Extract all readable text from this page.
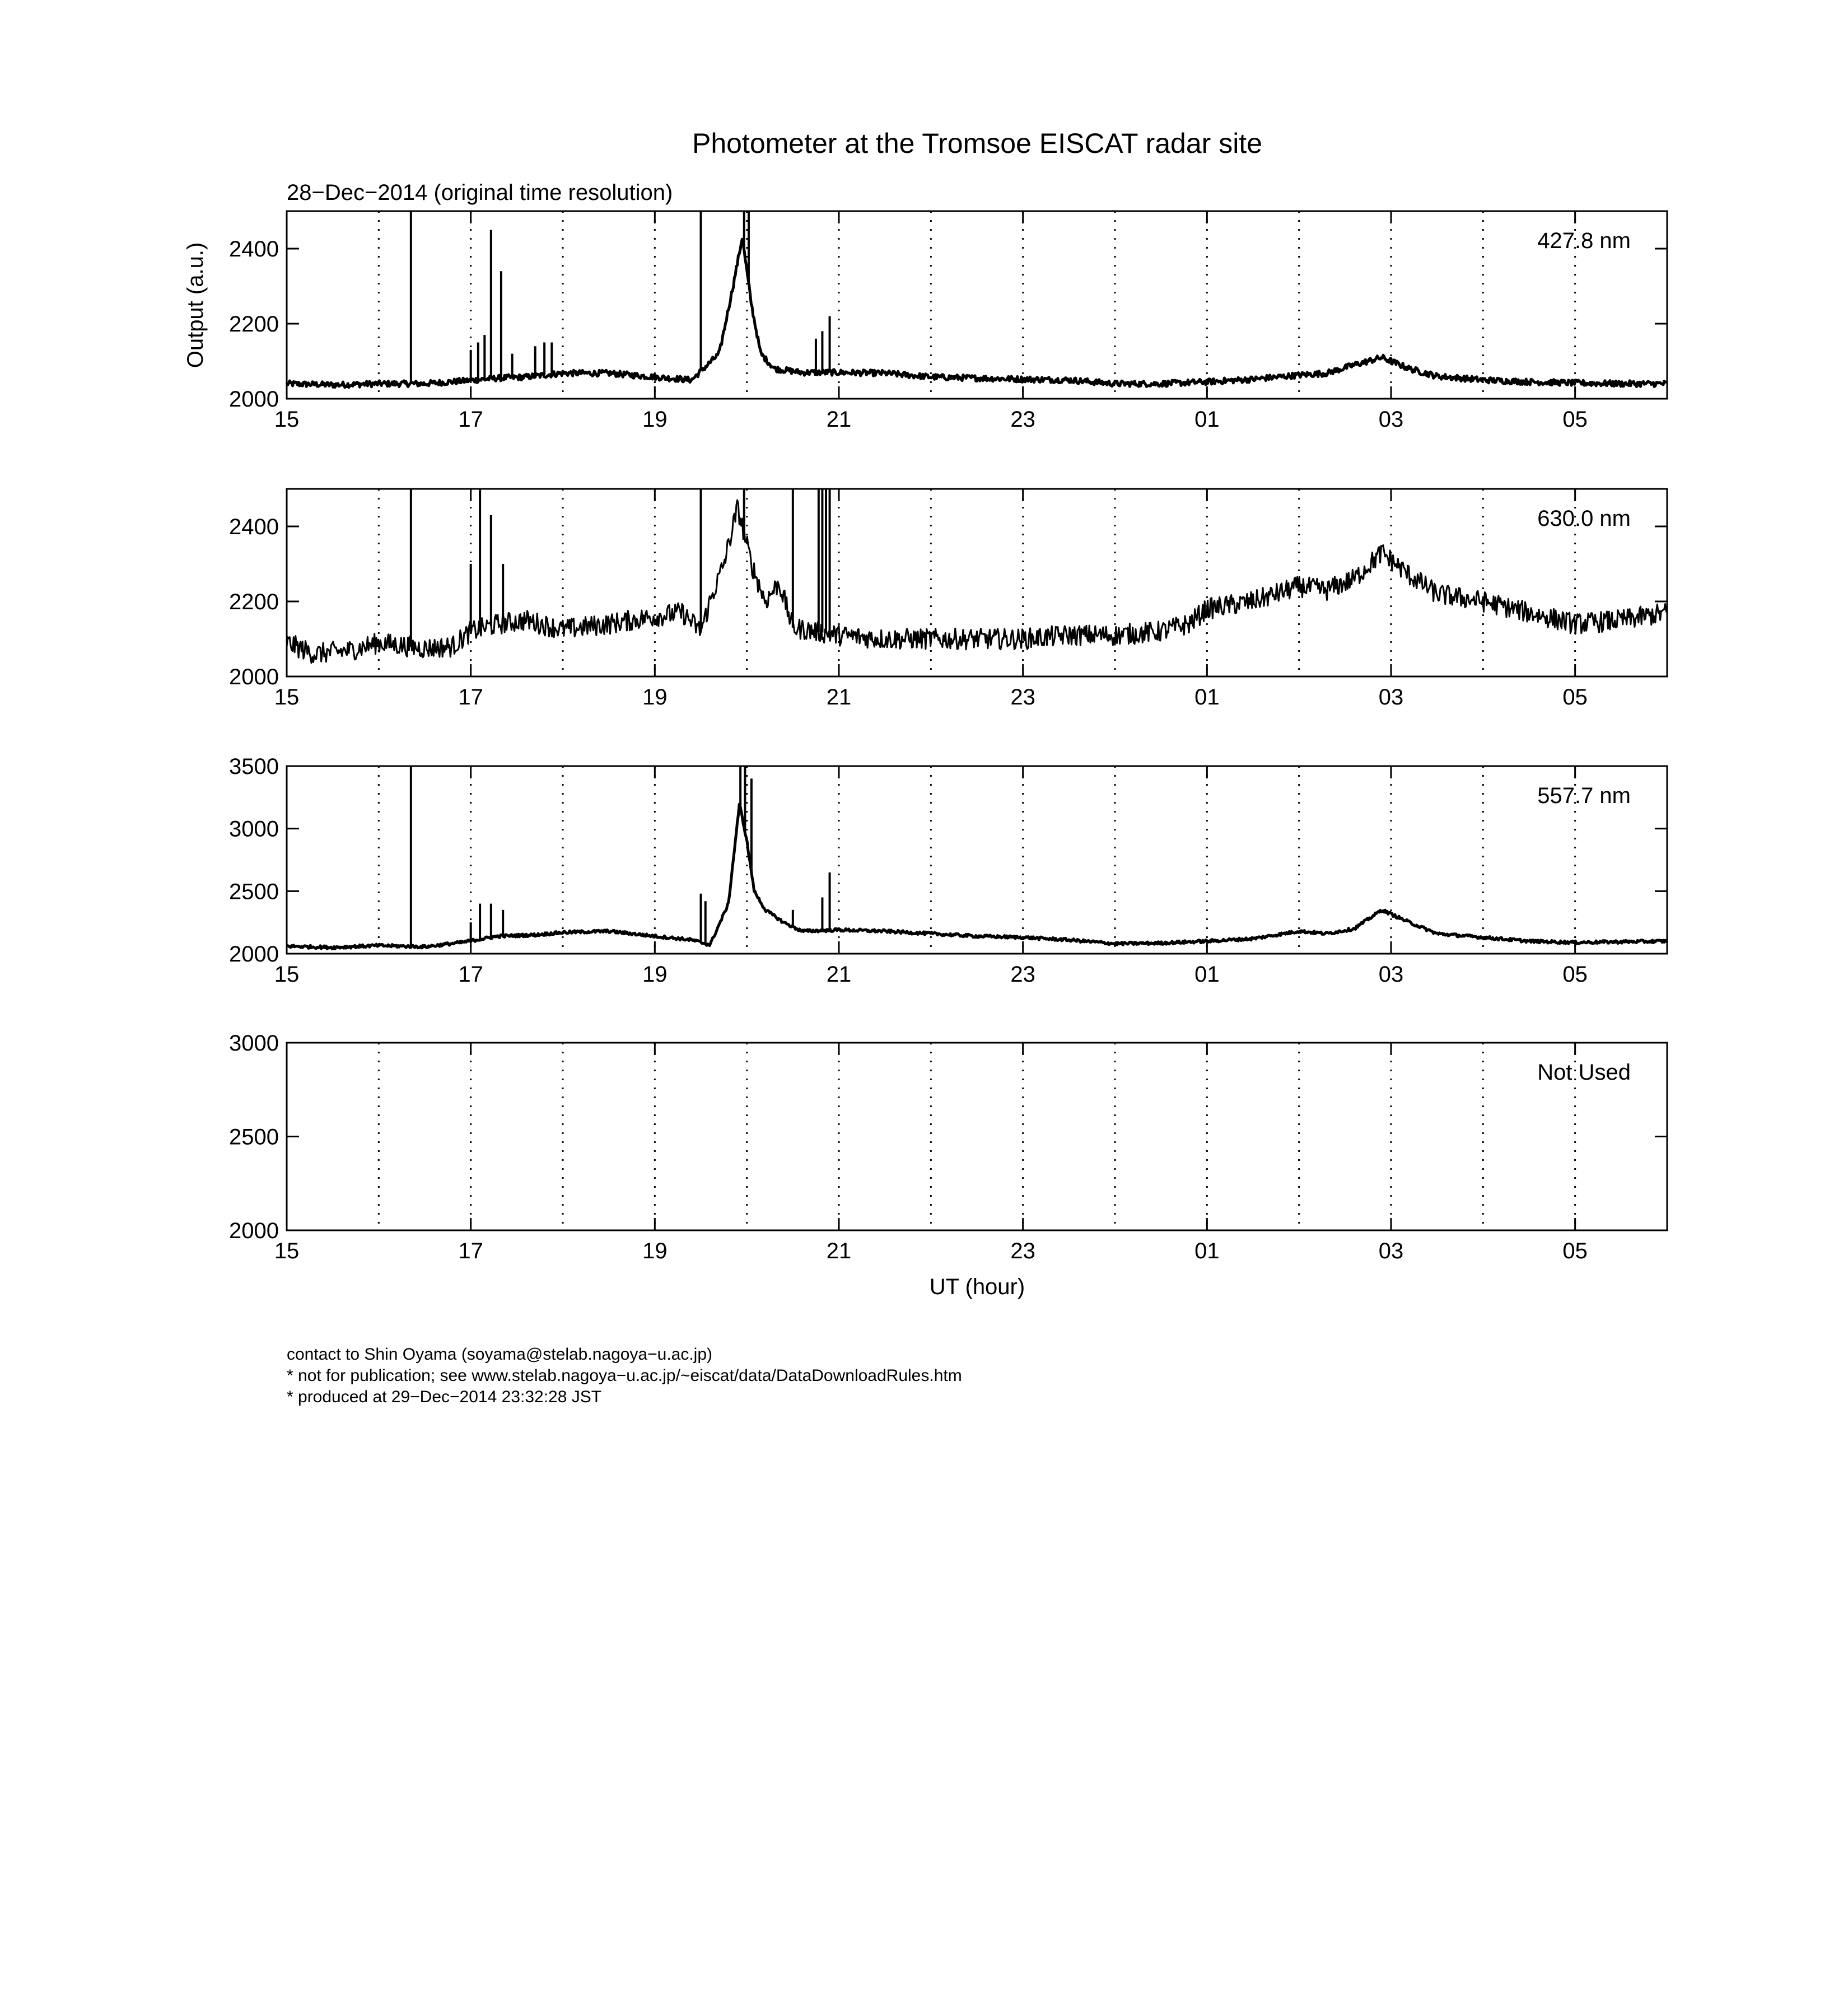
Photometer at the Tromsoe EISCAT radar site
28−Dec−2014 (original time resolution)
Output (a.u.)
UT (hour)
2000
2200
2400
15	17	19	21	23	01	03	05
427.8 nm
2000
2200
2400
15	17	19	21	23	01	03	05
630.0 nm
2000
2500
3000
3500
15	17	19	21	23	01	03	05
557.7 nm
2000
2500
3000
15	17	19	21	23	01	03	05
Not Used
contact to Shin Oyama (soyama@stelab.nagoya−u.ac.jp)
* not for publication; see www.stelab.nagoya−u.ac.jp/~eiscat/data/DataDownloadRules.htm
* produced at 29−Dec−2014 23:32:28 JST
